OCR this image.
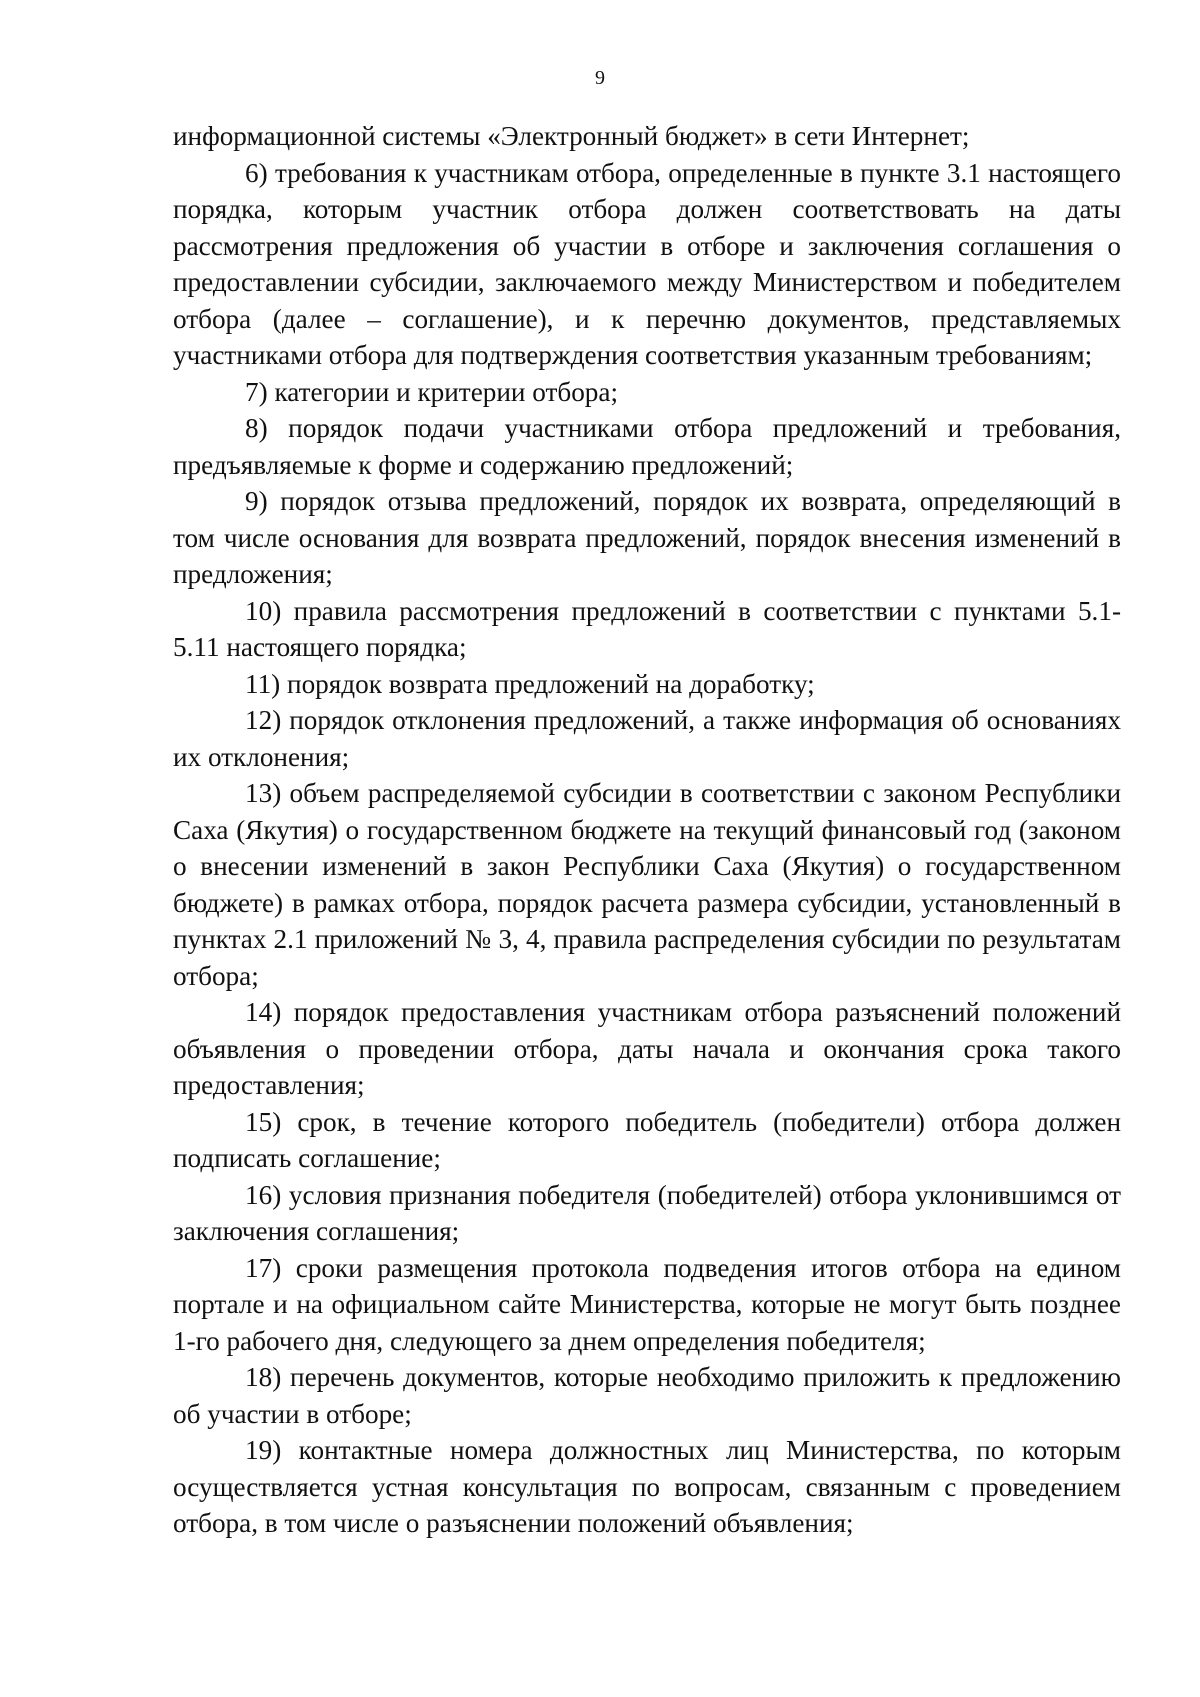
9

информационной системы «Электронный бюджет» в сети Интернет;

6) требования к участникам отбора, определенные в пункте 3.1 настоящего порядка, которым участник отбора должен соответствовать на даты рассмотрения предложения об участии в отборе и заключения соглашения о предоставлении субсидии, заключаемого между Министерством и победителем отбора (далее – соглашение), и к перечню документов, представляемых участниками отбора для подтверждения соответствия указанным требованиям;

7) категории и критерии отбора;

8) порядок подачи участниками отбора предложений и требования, предъявляемые к форме и содержанию предложений;

9) порядок отзыва предложений, порядок их возврата, определяющий в том числе основания для возврата предложений, порядок внесения изменений в предложения;

10) правила рассмотрения предложений в соответствии с пунктами 5.1-5.11 настоящего порядка;

11) порядок возврата предложений на доработку;

12) порядок отклонения предложений, а также информация об основаниях их отклонения;

13) объем распределяемой субсидии в соответствии с законом Республики Саха (Якутия) о государственном бюджете на текущий финансовый год (законом о внесении изменений в закон Республики Саха (Якутия) о государственном бюджете) в рамках отбора, порядок расчета размера субсидии, установленный в пунктах 2.1 приложений № 3, 4, правила распределения субсидии по результатам отбора;

14) порядок предоставления участникам отбора разъяснений положений объявления о проведении отбора, даты начала и окончания срока такого предоставления;

15) срок, в течение которого победитель (победители) отбора должен подписать соглашение;

16) условия признания победителя (победителей) отбора уклонившимся от заключения соглашения;

17) сроки размещения протокола подведения итогов отбора на едином портале и на официальном сайте Министерства, которые не могут быть позднее 1-го рабочего дня, следующего за днем определения победителя;

18) перечень документов, которые необходимо приложить к предложению об участии в отборе;

19) контактные номера должностных лиц Министерства, по которым осуществляется устная консультация по вопросам, связанным с проведением отбора, в том числе о разъяснении положений объявления;
